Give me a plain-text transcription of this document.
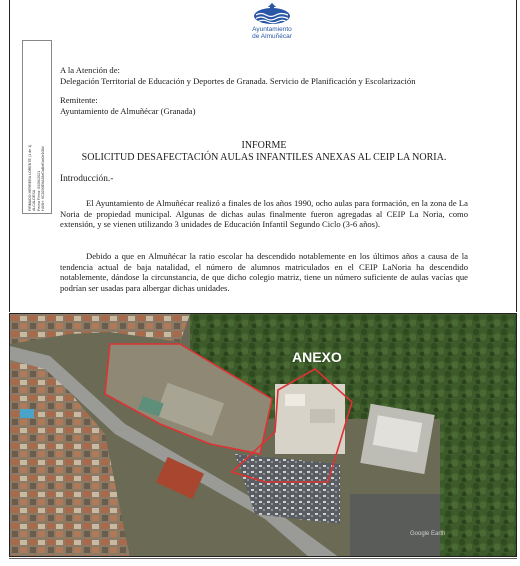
Ayuntamiento
de Almuñécar
FIRMADO HERRERA LORENTE (1 de 1) ALCALDESA Fecha Firma: 03/06/2021 HASH: 6C8200E6A38eDaBeEac0e108d
A la Atención de:
Delegación Territorial de Educación y Deportes de Granada. Servicio de Planificación y Escolarización
Remitente:
Ayuntamiento de Almuñécar (Granada)
INFORME
SOLICITUD DESAFECTACIÓN AULAS INFANTILES ANEXAS AL CEIP LA NORIA.
Introducción.-
El Ayuntamiento de Almuñécar realizó a finales de los años 1990, ocho aulas para formación, en la zona de La Noria de propiedad municipal. Algunas de dichas aulas finalmente fueron agregadas al CEIP La Noria, como extensión, y se vienen utilizando 3 unidades de Educación Infantil Segundo Ciclo (3-6 años).
Debido a que en Almuñécar la ratio escolar ha descendido notablemente en los últimos años a causa de la tendencia actual de baja natalidad, el número de alumnos matriculados en el CEIP LaNoria ha descendido notablemente, dándose la circunstancia, de que dicho colegio matriz, tiene un número suficiente de aulas vacías que podrían ser usadas para albergar dichas unidades.
ANEXO
Google Earth
